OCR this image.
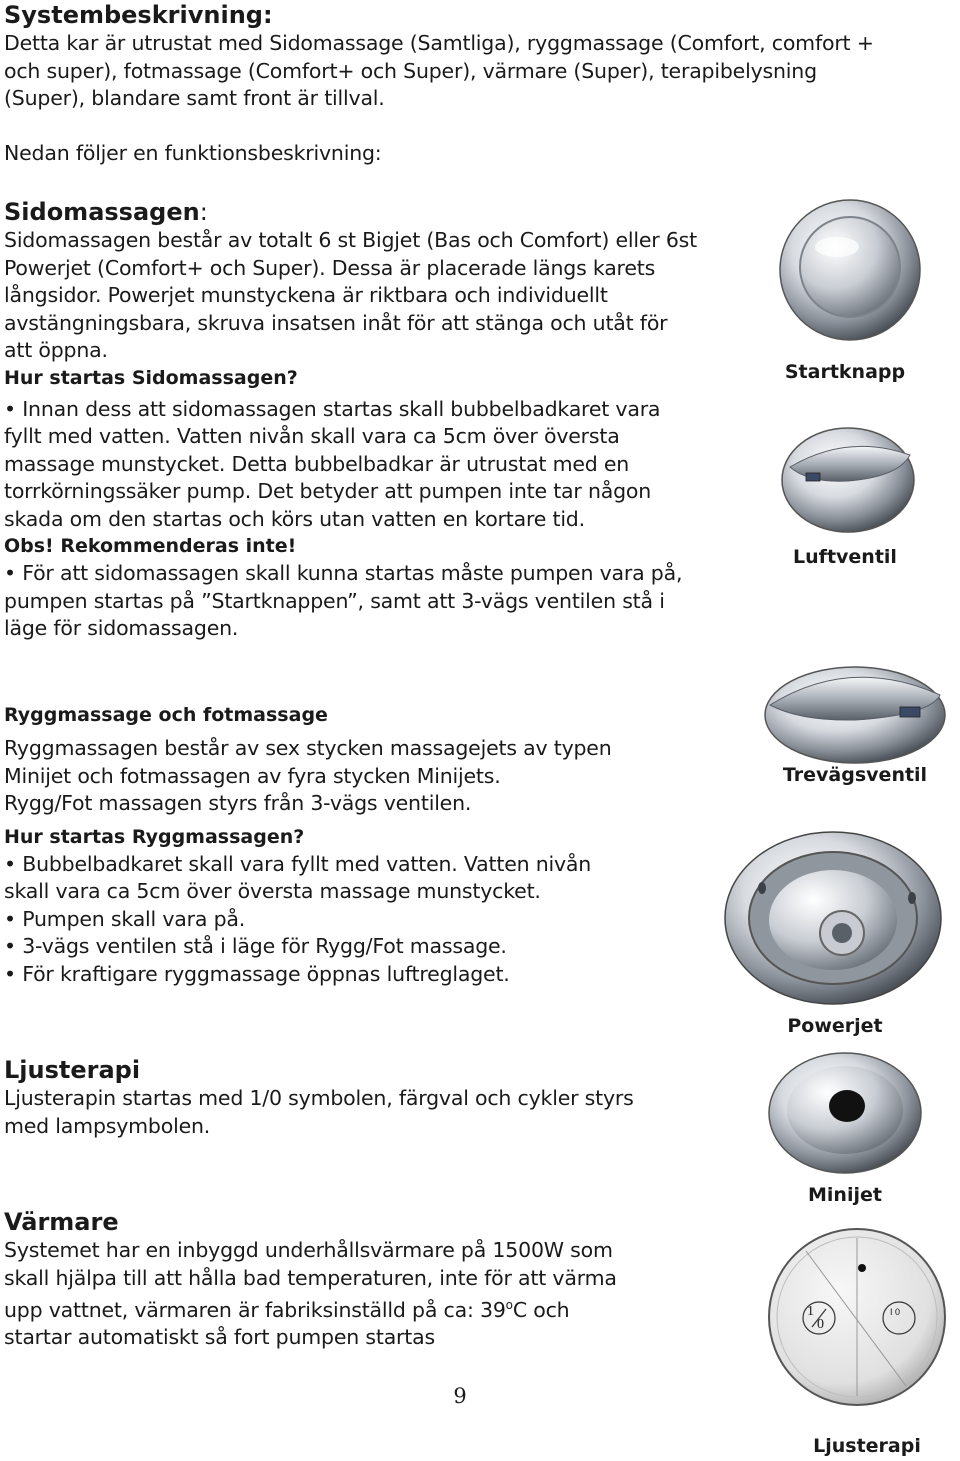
Systembeskrivning:

Detta kar är utrustat med Sidomassage (Samtliga), ryggmassage (Comfort, comfort +

och super), fotmassage (Comfort+ och Super), värmare (Super), terapibelysning

(Super), blandare samt front är tillval.

Nedan följer en funktionsbeskrivning:

Sidomassagen:

Sidomassagen består av totalt 6 st Bigjet (Bas och Comfort) eller 6st

Powerjet (Comfort+ och Super). Dessa är placerade längs karets

långsidor. Powerjet munstyckena är riktbara och individuellt

avstängningsbara, skruva insatsen inåt för att stänga och utåt för

att öppna.

Hur startas Sidomassagen?

• Innan dess att sidomassagen startas skall bubbelbadkaret vara

fyllt med vatten. Vatten nivån skall vara ca 5cm över översta

massage munstycket. Detta bubbelbadkar är utrustat med en

torrkörningssäker pump. Det betyder att pumpen inte tar någon

skada om den startas och körs utan vatten en kortare tid.

Obs! Rekommenderas inte!

• För att sidomassagen skall kunna startas måste pumpen vara på,

pumpen startas på ”Startknappen”, samt att 3-vägs ventilen stå i

läge för sidomassagen.

Ryggmassage och fotmassage

Ryggmassagen består av sex stycken massagejets av typen

Minijet och fotmassagen av fyra stycken Minijets.

Rygg/Fot massagen styrs från 3-vägs ventilen.

Hur startas Ryggmassagen?

• Bubbelbadkaret skall vara fyllt med vatten. Vatten nivån

skall vara ca 5cm över översta massage munstycket.

• Pumpen skall vara på.

• 3-vägs ventilen stå i läge för Rygg/Fot massage.

• För kraftigare ryggmassage öppnas luftreglaget.

Ljusterapi

Ljusterapin startas med 1/0 symbolen, färgval och cykler styrs

med lampsymbolen.

Värmare

Systemet har en inbyggd underhållsvärmare på 1500W som

skall hjälpa till att hålla bad temperaturen, inte för att värma

upp vattnet, värmaren är fabriksinställd på ca: 39$^o$C och

startar automatiskt så fort pumpen startas

Startknapp
Luftventil
Trevägsventil
Powerjet
Minijet
1
0
I 0
Ljusterapi
9
